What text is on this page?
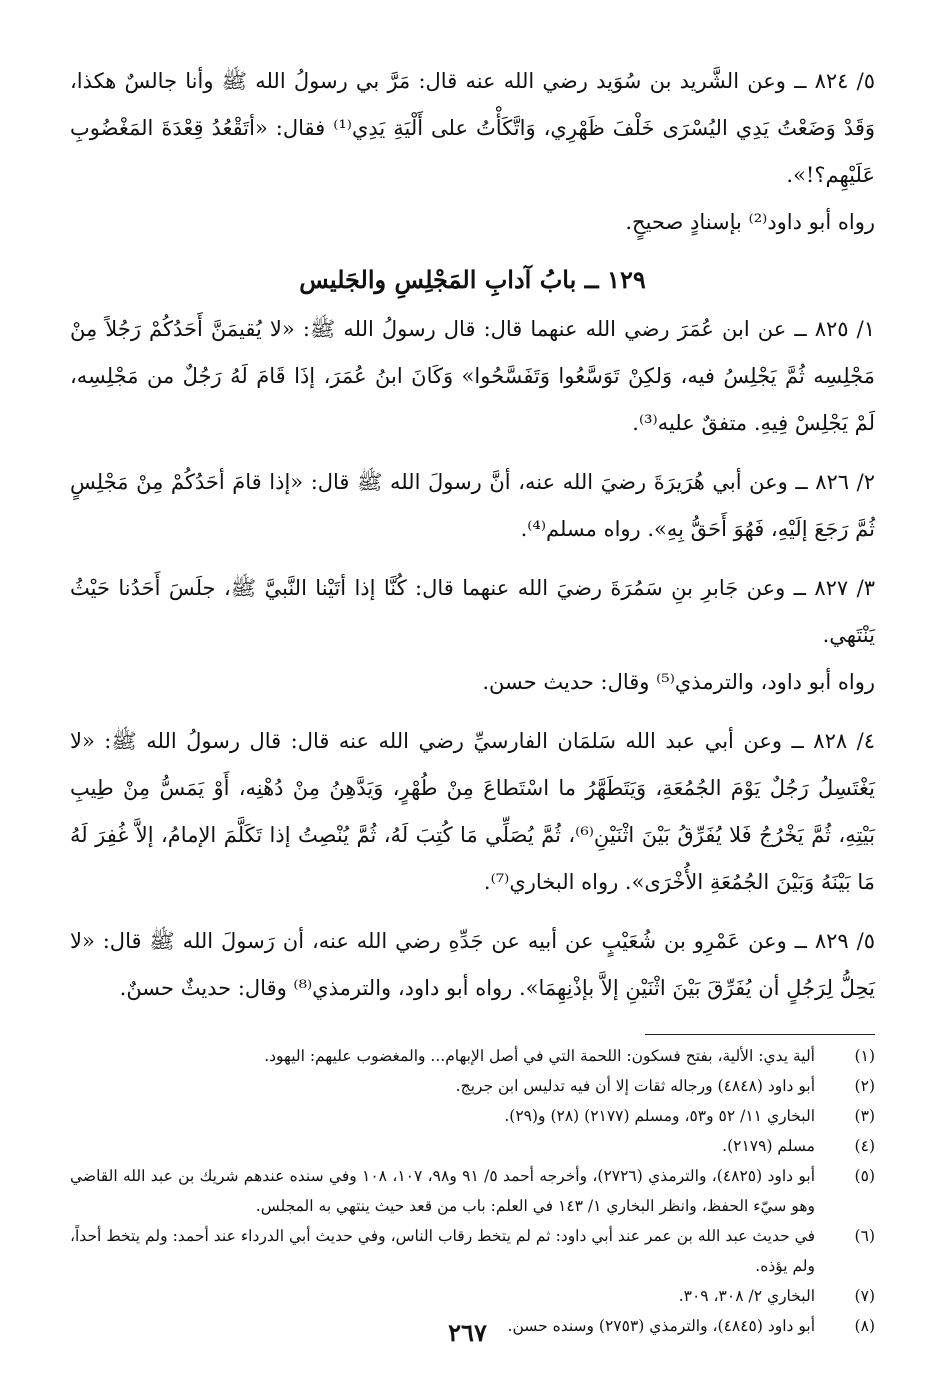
٥/ ٨٢٤ ــ وعن الشَّريد بن سُوَيد رضي الله عنه قال: مَرَّ بي رسولُ الله ﷺ وأنا جالسٌ هكذا، وَقَدْ وَضَعْتُ يَدِي اليُسْرَى خَلْفَ ظَهْرِي، وَاتَّكَأْتُ على أَلْيَةِ يَدِي⁽¹⁾ فقال: «أتَقْعُدُ قِعْدَةَ المَغْضُوبِ عَلَيْهِم؟!».

رواه أبو داود⁽²⁾ بإسنادٍ صحيحٍ.

١٢٩ ــ بابُ آدابِ المَجْلِسِ والجَليس

١/ ٨٢٥ ــ عن ابن عُمَرَ رضي الله عنهما قال: قال رسولُ الله ﷺ: «لا يُقيمَنَّ أَحَدُكُمْ رَجُلاً مِنْ مَجْلِسِه ثُمَّ يَجْلِسُ فيه، وَلكِنْ تَوَسَّعُوا وَتَفَسَّحُوا» وَكَانَ ابنُ عُمَرَ، إذَا قَامَ لَهُ رَجُلٌ من مَجْلِسِه، لَمْ يَجْلِسْ فِيهِ. متفقٌ عليه⁽³⁾.

٢/ ٨٢٦ ــ وعن أبي هُرَيرَةَ رضيَ الله عنه، أنَّ رسولَ الله ﷺ قال: «إذا قامَ أحَدُكُمْ مِنْ مَجْلِسٍ ثُمَّ رَجَعَ إلَيْهِ، فَهُوَ أَحَقُّ بِهِ». رواه مسلم⁽⁴⁾.

٣/ ٨٢٧ ــ وعن جَابرِ بنِ سَمُرَةَ رضيَ الله عنهما قال: كُنَّا إذا أتَيْنا النَّبيَّ ﷺ، جلَسَ أَحَدُنا حَيْثُ يَنْتَهي.

رواه أبو داود، والترمذي⁽⁵⁾ وقال: حديث حسن.

٤/ ٨٢٨ ــ وعن أبي عبد الله سَلمَان الفارسيِّ رضي الله عنه قال: قال رسولُ الله ﷺ: «لا يَغْتَسِلُ رَجُلٌ يَوْمَ الجُمُعَةِ، وَيَتَطَهَّرُ ما اسْتَطاعَ مِنْ طُهْرٍ، وَيَدَّهِنُ مِنْ دُهْنِه، أَوْ يَمَسُّ مِنْ طِيبِ بَيْتِهِ، ثُمَّ يَخْرُجُ فَلا يُفَرِّقُ بَيْنَ اثْنَيْنِ⁽⁶⁾، ثُمَّ يُصَلِّي مَا كُتِبَ لَهُ، ثُمَّ يُنْصِتُ إذا تَكَلَّمَ الإمامُ، إلاَّ غُفِرَ لَهُ مَا بَيْنَهُ وَبَيْنَ الجُمُعَةِ الأُخْرَى». رواه البخاري⁽⁷⁾.

٥/ ٨٢٩ ــ وعن عَمْرِو بن شُعَيْبٍ عن أبيه عن جَدِّهِ رضي الله عنه، أن رَسولَ الله ﷺ قال: «لا يَحِلُّ لِرَجُلٍ أن يُفَرِّقَ بَيْنَ اثْنَيْنِ إلاَّ بإذْنِهِمَا». رواه أبو داود، والترمذي⁽⁸⁾ وقال: حديثٌ حسنٌ.

(١)
ألية يدي: الألية، بفتح فسكون: اللحمة التي في أصل الإبهام... والمغضوب عليهم: اليهود.
(٢)
أبو داود (٤٨٤٨) ورجاله ثقات إلا أن فيه تدليس ابن جريج.
(٣)
البخاري ١١/ ٥٢ و٥٣، ومسلم (٢١٧٧) (٢٨) و(٢٩).
(٤)
مسلم (٢١٧٩).
(٥)
أبو داود (٤٨٢٥)، والترمذي (٢٧٢٦)، وأخرجه أحمد ٥/ ٩١ و٩٨، ١٠٧، ١٠٨ وفي سنده عندهم شريك بن عبد الله القاضي وهو سيّء الحفظ، وانظر البخاري ١/ ١٤٣ في العلم: باب من قعد حيث ينتهي به المجلس.
(٦)
في حديث عبد الله بن عمر عند أبي داود: ثم لم يتخط رقاب الناس، وفي حديث أبي الدرداء عند أحمد: ولم يتخط أحداً، ولم يؤذه.
(٧)
البخاري ٢/ ٣٠٨، ٣٠٩.
(٨)
أبو داود (٤٨٤٥)، والترمذي (٢٧٥٣) وسنده حسن.
٢٦٧
